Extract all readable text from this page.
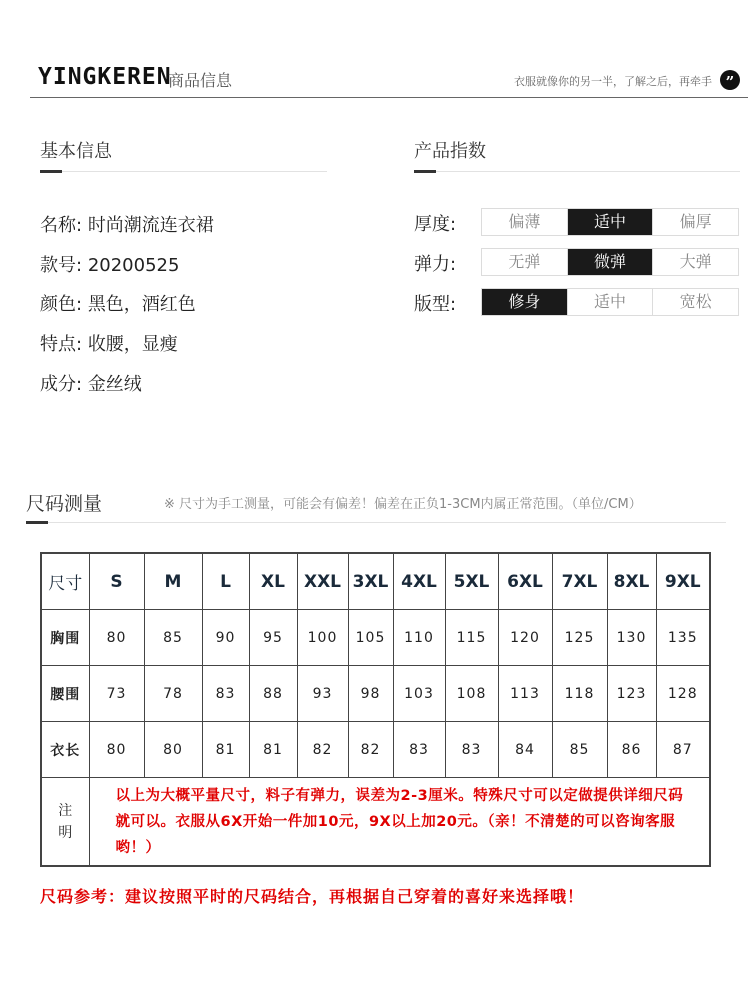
YINGKEREN
商品信息	衣服就像你的另一半，了解之后，再牵手 ”
基本信息
名称: 时尚潮流连衣裙
款号: 20200525
颜色: 黑色，酒红色
特点: 收腰，显瘦
成分: 金丝绒
产品指数
厚度:	偏薄	适中	偏厚
弹力:	无弹	微弹	大弹
版型:	修身	适中	宽松
尺码测量	※ 尺寸为手工测量，可能会有偏差！偏差在正负1-3CM内属正常范围。（单位/CM）
尺寸	S	M	L	XL	XXL	3XL	4XL	5XL	6XL	7XL	8XL	9XL
胸围	80	85	90	95	100	105	110	115	120	125	130	135
腰围	73	78	83	88	93	98	103	108	113	118	123	128
衣长	80	80	81	81	82	82	83	83	84	85	86	87
注明	以上为大概平量尺寸，料子有弹力，误差为2-3厘米。特殊尺寸可以定做提供详细尺码就可以。衣服从6X开始一件加10元，9X以上加20元。（亲！不清楚的可以咨询客服哟！）											
尺码参考：建议按照平时的尺码结合，再根据自己穿着的喜好来选择哦！
